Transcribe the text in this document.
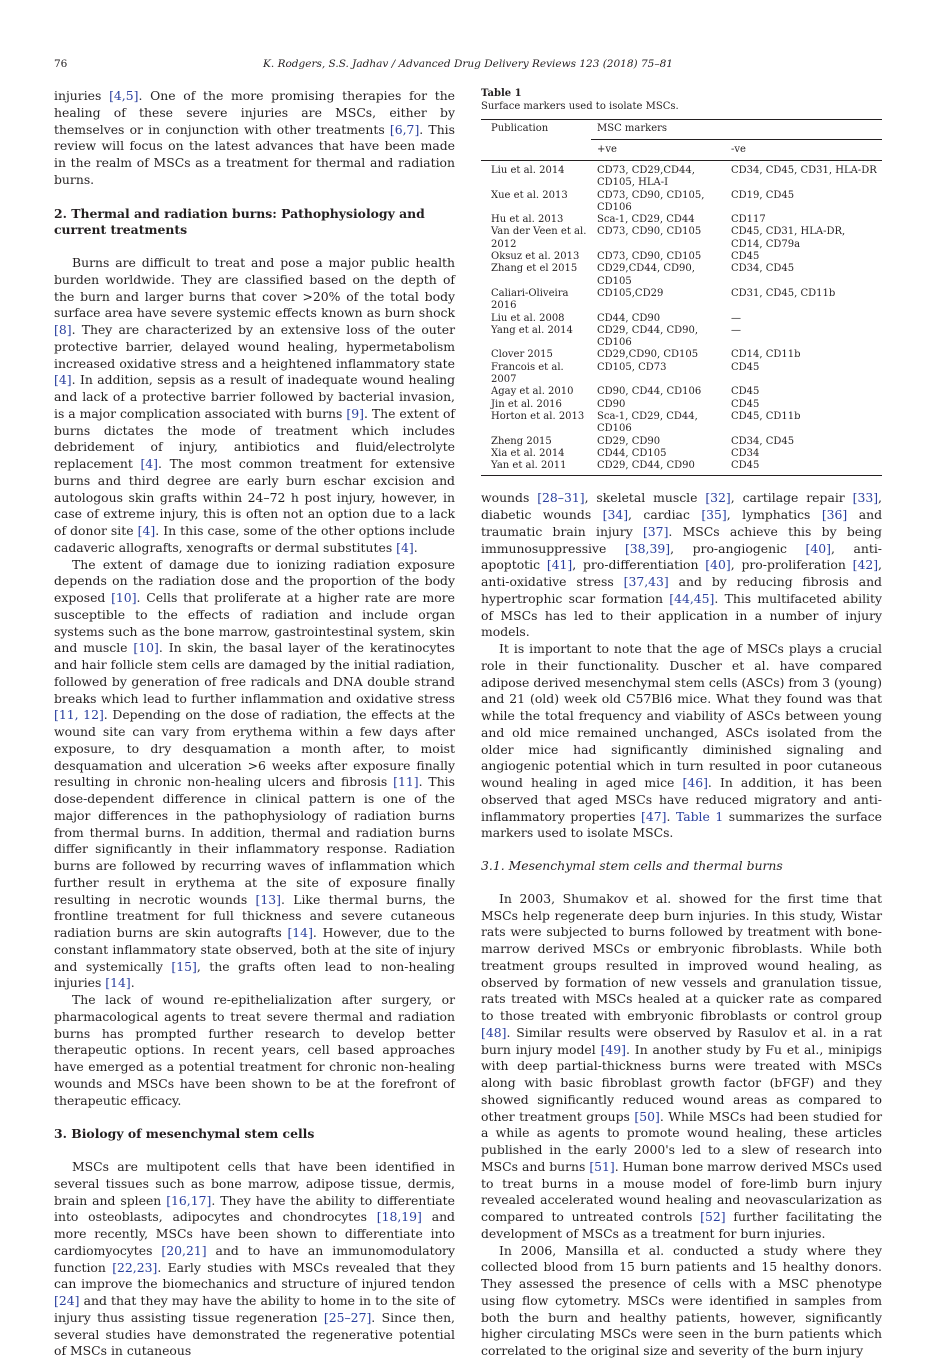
76	K. Rodgers, S.S. Jadhav / Advanced Drug Delivery Reviews 123 (2018) 75–81

injuries [4,5]. One of the more promising therapies for the healing of these severe injuries are MSCs, either by themselves or in conjunction with other treatments [6,7]. This review will focus on the latest advances that have been made in the realm of MSCs as a treatment for thermal and radiation burns.

2. Thermal and radiation burns: Pathophysiology and current treatments

Burns are difficult to treat and pose a major public health burden worldwide. They are classified based on the depth of the burn and larger burns that cover >20% of the total body surface area have severe systemic effects known as burn shock [8]. They are characterized by an extensive loss of the outer protective barrier, delayed wound healing, hypermetabolism increased oxidative stress and a heightened inflammatory state [4]. In addition, sepsis as a result of inadequate wound healing and lack of a protective barrier followed by bacterial invasion, is a major complication associated with burns [9]. The extent of burns dictates the mode of treatment which includes debridement of injury, antibiotics and fluid/electrolyte replacement [4]. The most common treatment for extensive burns and third degree are early burn eschar excision and autologous skin grafts within 24–72 h post injury, however, in case of extreme injury, this is often not an option due to a lack of donor site [4]. In this case, some of the other options include cadaveric allografts, xenografts or dermal substitutes [4].

The extent of damage due to ionizing radiation exposure depends on the radiation dose and the proportion of the body exposed [10]. Cells that proliferate at a higher rate are more susceptible to the effects of radiation and include organ systems such as the bone marrow, gastrointestinal system, skin and muscle [10]. In skin, the basal layer of the keratinocytes and hair follicle stem cells are damaged by the initial radiation, followed by generation of free radicals and DNA double strand breaks which lead to further inflammation and oxidative stress [11, 12]. Depending on the dose of radiation, the effects at the wound site can vary from erythema within a few days after exposure, to dry desquamation a month after, to moist desquamation and ulceration >6 weeks after exposure finally resulting in chronic non-healing ulcers and fibrosis [11]. This dose-dependent difference in clinical pattern is one of the major differences in the pathophysiology of radiation burns from thermal burns. In addition, thermal and radiation burns differ significantly in their inflammatory response. Radiation burns are followed by recurring waves of inflammation which further result in erythema at the site of exposure finally resulting in necrotic wounds [13]. Like thermal burns, the frontline treatment for full thickness and severe cutaneous radiation burns are skin autografts [14]. However, due to the constant inflammatory state observed, both at the site of injury and systemically [15], the grafts often lead to non-healing injuries [14].

The lack of wound re-epithelialization after surgery, or pharmacological agents to treat severe thermal and radiation burns has prompted further research to develop better therapeutic options. In recent years, cell based approaches have emerged as a potential treatment for chronic non-healing wounds and MSCs have been shown to be at the forefront of therapeutic efficacy.

3. Biology of mesenchymal stem cells

MSCs are multipotent cells that have been identified in several tissues such as bone marrow, adipose tissue, dermis, brain and spleen [16,17]. They have the ability to differentiate into osteoblasts, adipocytes and chondrocytes [18,19] and more recently, MSCs have been shown to differentiate into cardiomyocytes [20,21] and to have an immunomodulatory function [22,23]. Early studies with MSCs revealed that they can improve the biomechanics and structure of injured tendon [24] and that they may have the ability to home in to the site of injury thus assisting tissue regeneration [25–27]. Since then, several studies have demonstrated the regenerative potential of MSCs in cutaneous

Table 1
Surface markers used to isolate MSCs.
Publication	MSC markers	
	+ve	-ve
Liu et al. 2014	CD73, CD29,CD44, CD105, HLA-I	CD34, CD45, CD31, HLA-DR
Xue et al. 2013	CD73, CD90, CD105, CD106	CD19, CD45
Hu et al. 2013	Sca-1, CD29, CD44	CD117
Van der Veen et al. 2012	CD73, CD90, CD105	CD45, CD31, HLA-DR, CD14, CD79a
Oksuz et al. 2013	CD73, CD90, CD105	CD45
Zhang et el 2015	CD29,CD44, CD90, CD105	CD34, CD45
Caliari-Oliveira 2016	CD105,CD29	CD31, CD45, CD11b
Liu et al. 2008	CD44, CD90	—
Yang et al. 2014	CD29, CD44, CD90, CD106	—
Clover 2015	CD29,CD90, CD105	CD14, CD11b
Francois et al. 2007	CD105, CD73	CD45
Agay et al. 2010	CD90, CD44, CD106	CD45
Jin et al. 2016	CD90	CD45
Horton et al. 2013	Sca-1, CD29, CD44, CD106	CD45, CD11b
Zheng 2015	CD29, CD90	CD34, CD45
Xia et al. 2014	CD44, CD105	CD34
Yan et al. 2011	CD29, CD44, CD90	CD45

wounds [28–31], skeletal muscle [32], cartilage repair [33], diabetic wounds [34], cardiac [35], lymphatics [36] and traumatic brain injury [37]. MSCs achieve this by being immunosuppressive [38,39], pro-angiogenic [40], anti-apoptotic [41], pro-differentiation [40], pro-proliferation [42], anti-oxidative stress [37,43] and by reducing fibrosis and hypertrophic scar formation [44,45]. This multifaceted ability of MSCs has led to their application in a number of injury models.

It is important to note that the age of MSCs plays a crucial role in their functionality. Duscher et al. have compared adipose derived mesenchymal stem cells (ASCs) from 3 (young) and 21 (old) week old C57Bl6 mice. What they found was that while the total frequency and viability of ASCs between young and old mice remained unchanged, ASCs isolated from the older mice had significantly diminished signaling and angiogenic potential which in turn resulted in poor cutaneous wound healing in aged mice [46]. In addition, it has been observed that aged MSCs have reduced migratory and anti-inflammatory properties [47]. Table 1 summarizes the surface markers used to isolate MSCs.

3.1. Mesenchymal stem cells and thermal burns

In 2003, Shumakov et al. showed for the first time that MSCs help regenerate deep burn injuries. In this study, Wistar rats were subjected to burns followed by treatment with bone-marrow derived MSCs or embryonic fibroblasts. While both treatment groups resulted in improved wound healing, as observed by formation of new vessels and granulation tissue, rats treated with MSCs healed at a quicker rate as compared to those treated with embryonic fibroblasts or control group [48]. Similar results were observed by Rasulov et al. in a rat burn injury model [49]. In another study by Fu et al., minipigs with deep partial-thickness burns were treated with MSCs along with basic fibroblast growth factor (bFGF) and they showed significantly reduced wound areas as compared to other treatment groups [50]. While MSCs had been studied for a while as agents to promote wound healing, these articles published in the early 2000's led to a slew of research into MSCs and burns [51]. Human bone marrow derived MSCs used to treat burns in a mouse model of fore-limb burn injury revealed accelerated wound healing and neovascularization as compared to untreated controls [52] further facilitating the development of MSCs as a treatment for burn injuries.

In 2006, Mansilla et al. conducted a study where they collected blood from 15 burn patients and 15 healthy donors. They assessed the presence of cells with a MSC phenotype using flow cytometry. MSCs were identified in samples from both the burn and healthy patients, however, significantly higher circulating MSCs were seen in the burn patients which correlated to the original size and severity of the burn injury
